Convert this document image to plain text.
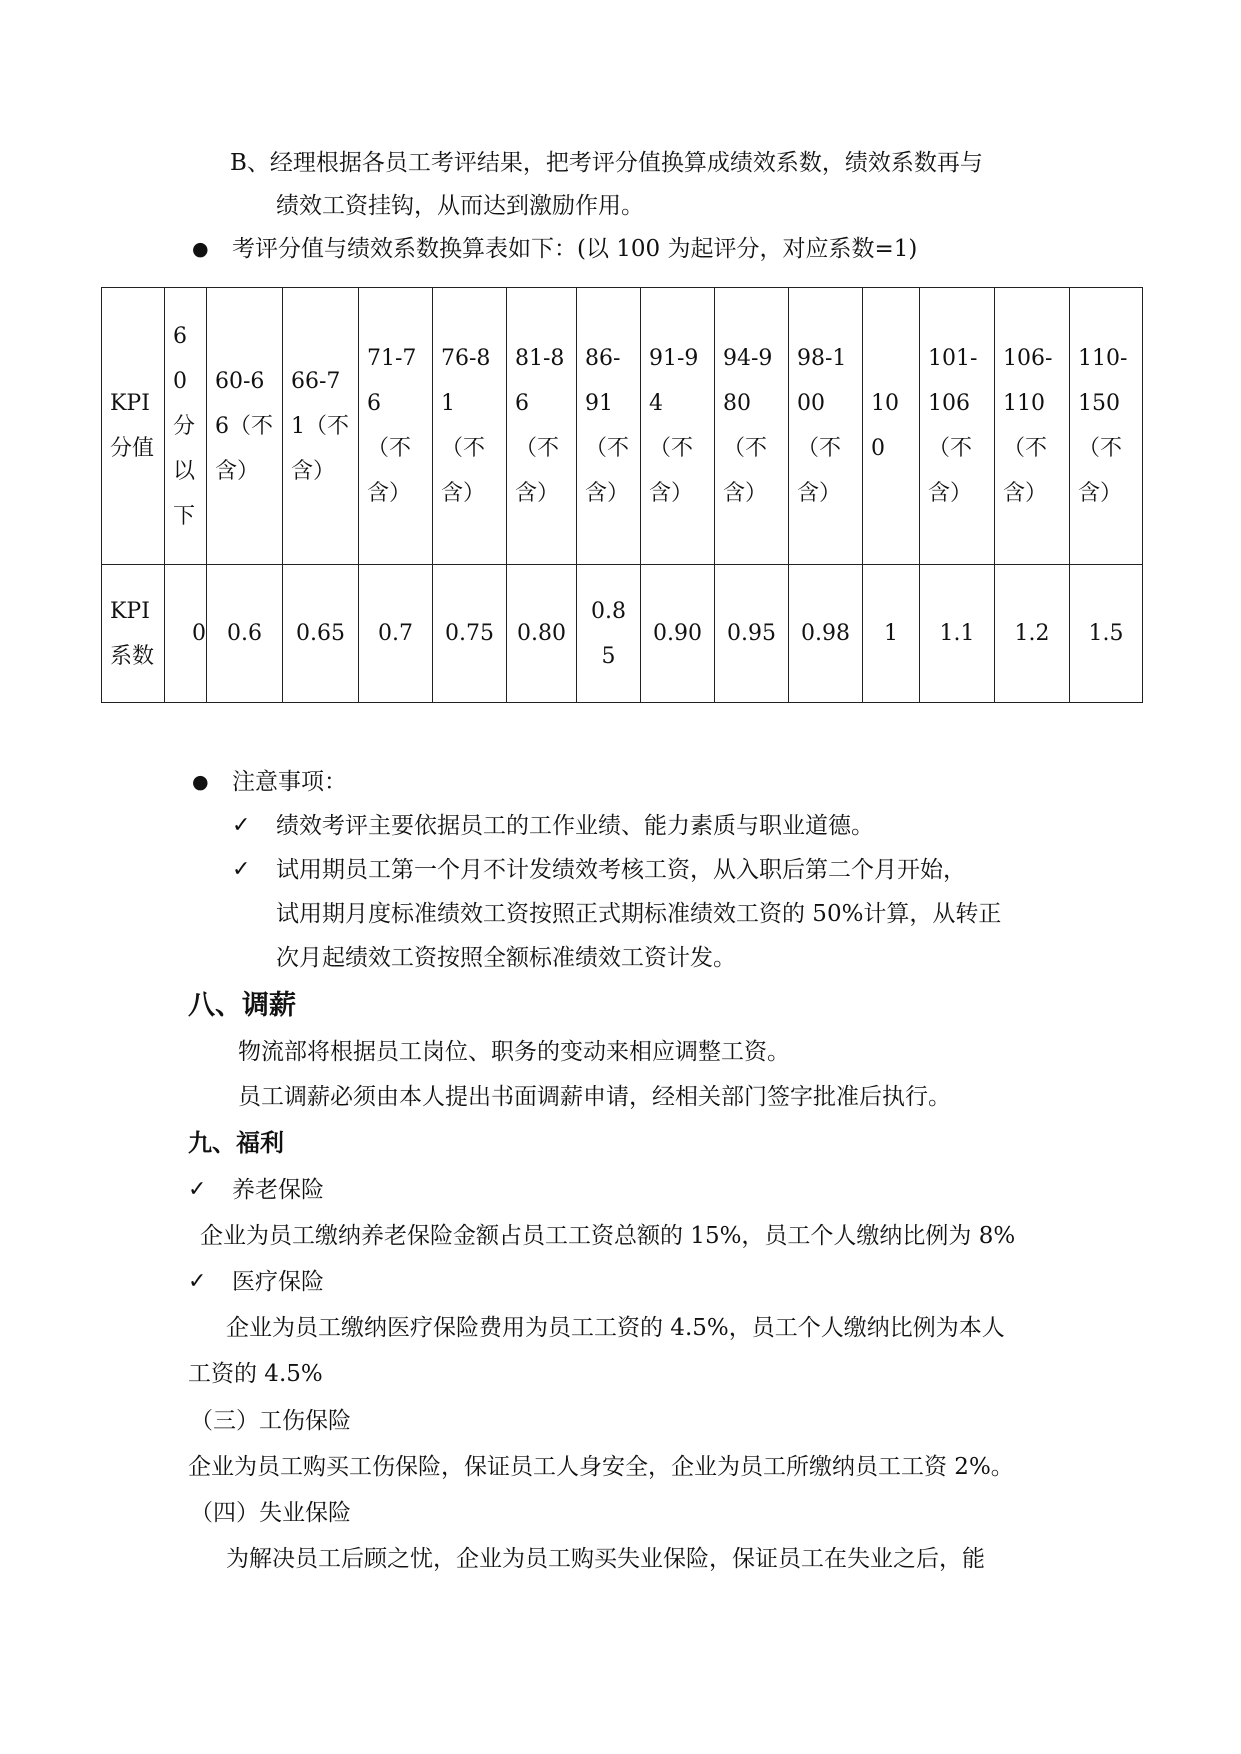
B、经理根据各员工考评结果，把考评分值换算成绩效系数，绩效系数再与
绩效工资挂钩，从而达到激励作用。
● 考评分值与绩效系数换算表如下：(以 100 为起评分，对应系数=1)
KPI分值	60分以下	60-66（不含）	66-71（不含）	71-76（不含）	76-81（不含）	81-86（不含）	86-91（不含）	91-94（不含）	94-980（不含）	98-100（不含）	100	101-106（不含）	106-110（不含）	110-150（不含）
KPI系数	0	0.6	0.65	0.7	0.75	0.80	0.85	0.90	0.95	0.98	1	1.1	1.2	1.5
● 注意事项：
✓ 绩效考评主要依据员工的工作业绩、能力素质与职业道德。
✓ 试用期员工第一个月不计发绩效考核工资，从入职后第二个月开始，
试用期月度标准绩效工资按照正式期标准绩效工资的 50%计算，从转正
次月起绩效工资按照全额标准绩效工资计发。
八、调薪
物流部将根据员工岗位、职务的变动来相应调整工资。
员工调薪必须由本人提出书面调薪申请，经相关部门签字批准后执行。
九、福利
✓ 养老保险
企业为员工缴纳养老保险金额占员工工资总额的 15%，员工个人缴纳比例为 8%
✓ 医疗保险
企业为员工缴纳医疗保险费用为员工工资的 4.5%，员工个人缴纳比例为本人
工资的 4.5%
（三）工伤保险
企业为员工购买工伤保险，保证员工人身安全，企业为员工所缴纳员工工资 2%。
（四）失业保险
为解决员工后顾之忧，企业为员工购买失业保险，保证员工在失业之后，能
